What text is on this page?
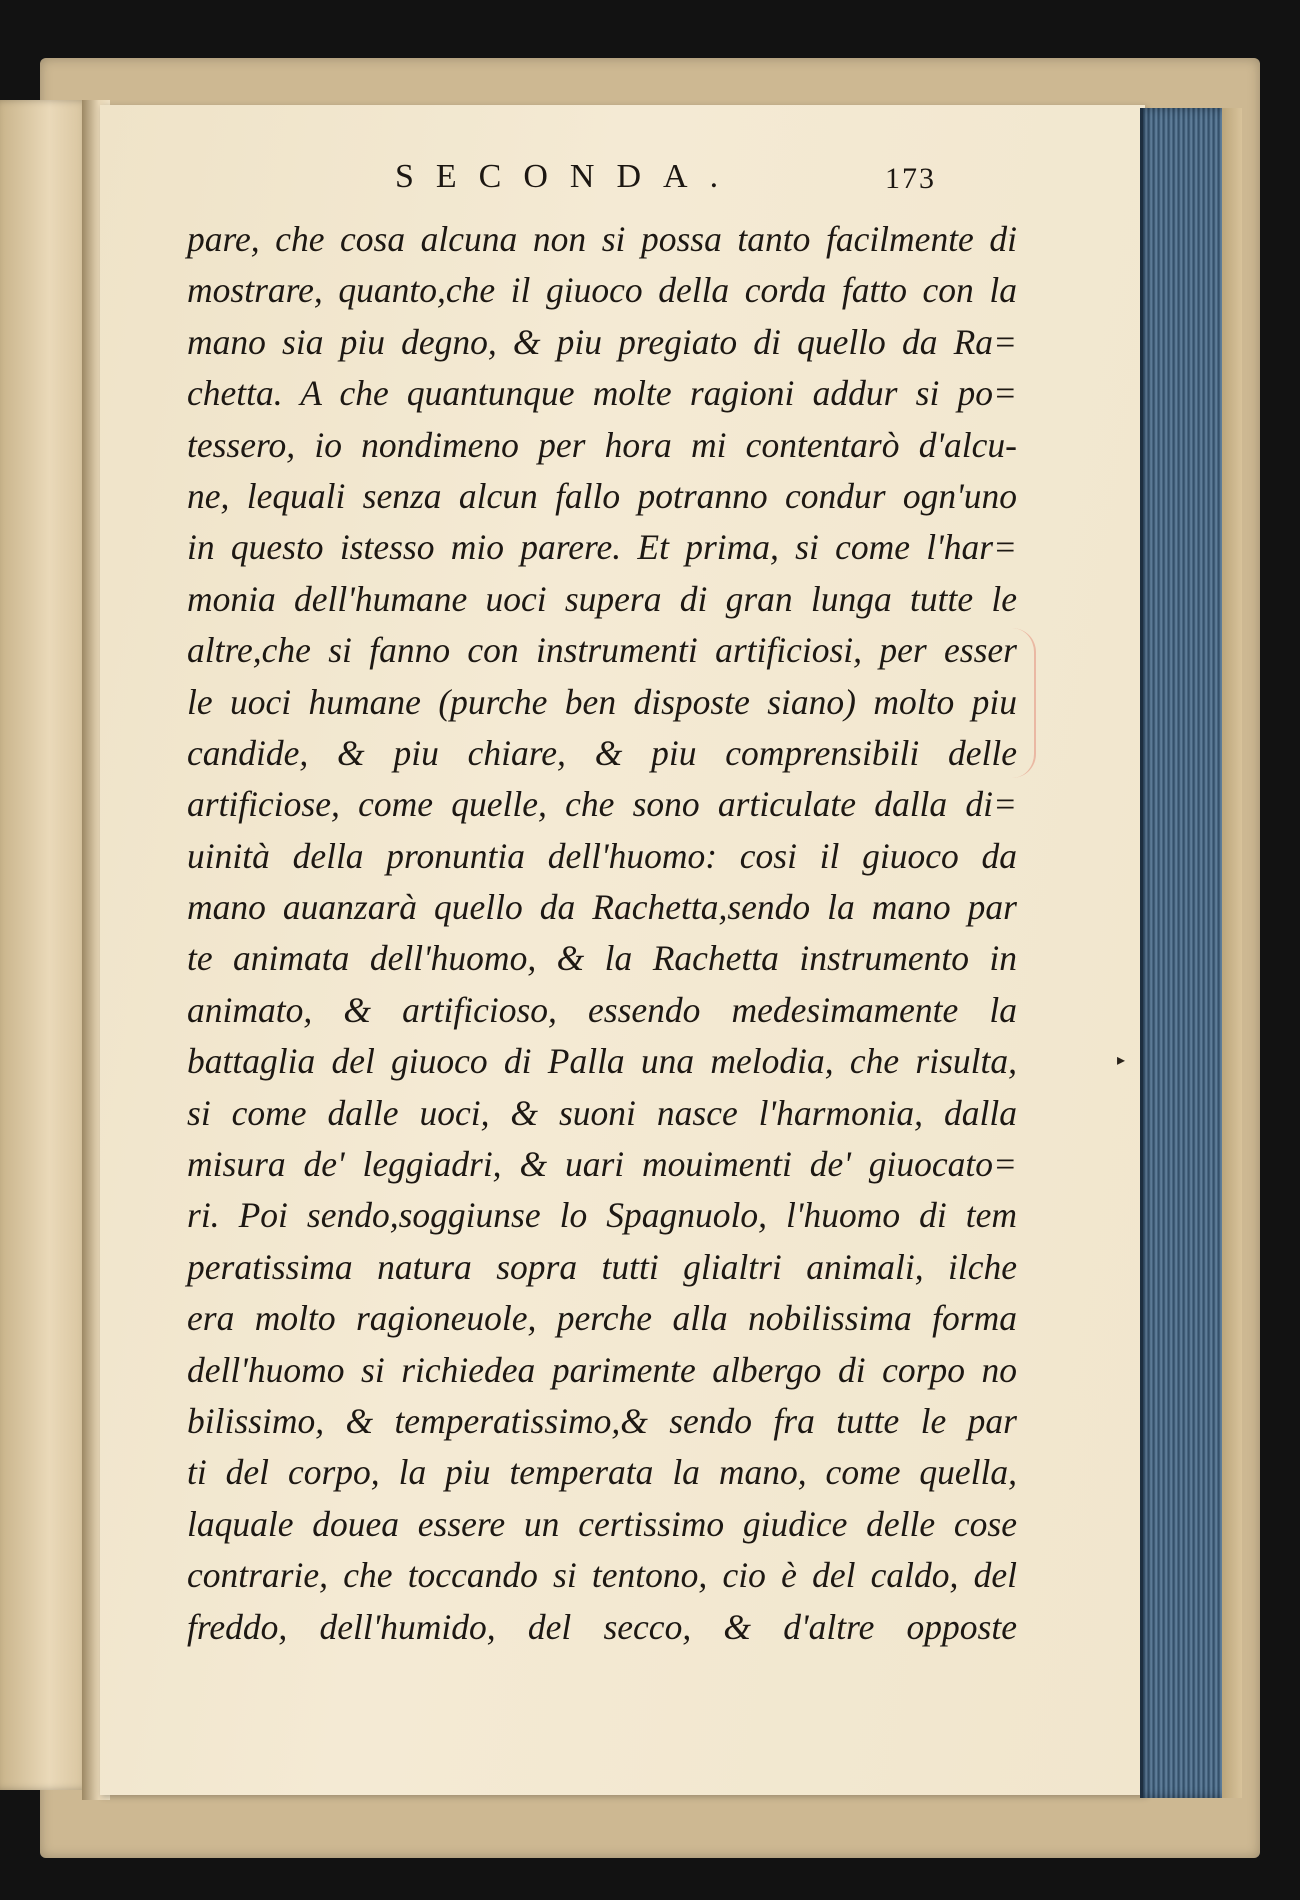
SECONDA.	173
pare, che cosa alcuna non si possa tanto facilmente di
mostrare, quanto,che il giuoco della corda fatto con la
mano sia piu degno, & piu pregiato di quello da Ra=
chetta. A che quantunque molte ragioni addur si po=
tessero, io nondimeno per hora mi contentarò d'alcu-
ne, lequali senza alcun fallo potranno condur ogn'uno
in questo istesso mio parere. Et prima, si come l'har=
monia dell'humane uoci supera di gran lunga tutte le
altre,che si fanno con instrumenti artificiosi, per esser
le uoci humane (purche ben disposte siano) molto piu
candide, & piu chiare, & piu comprensibili delle
artificiose, come quelle, che sono articulate dalla di=
uinità della pronuntia dell'huomo: cosi il giuoco da
mano auanzarà quello da Rachetta,sendo la mano par
te animata dell'huomo, & la Rachetta instrumento in
animato, & artificioso, essendo medesimamente la
battaglia del giuoco di Palla una melodia, che risulta,
si come dalle uoci, & suoni nasce l'harmonia, dalla
misura de' leggiadri, & uari mouimenti de' giuocato=
ri. Poi sendo,soggiunse lo Spagnuolo, l'huomo di tem
peratissima natura sopra tutti glialtri animali, ilche
era molto ragioneuole, perche alla nobilissima forma
dell'huomo si richiedea parimente albergo di corpo no
bilissimo, & temperatissimo,& sendo fra tutte le par
ti del corpo, la piu temperata la mano, come quella,
laquale douea essere un certissimo giudice delle cose
contrarie, che toccando si tentono, cio è del caldo, del
freddo, dell'humido, del secco, & d'altre opposte
▸
